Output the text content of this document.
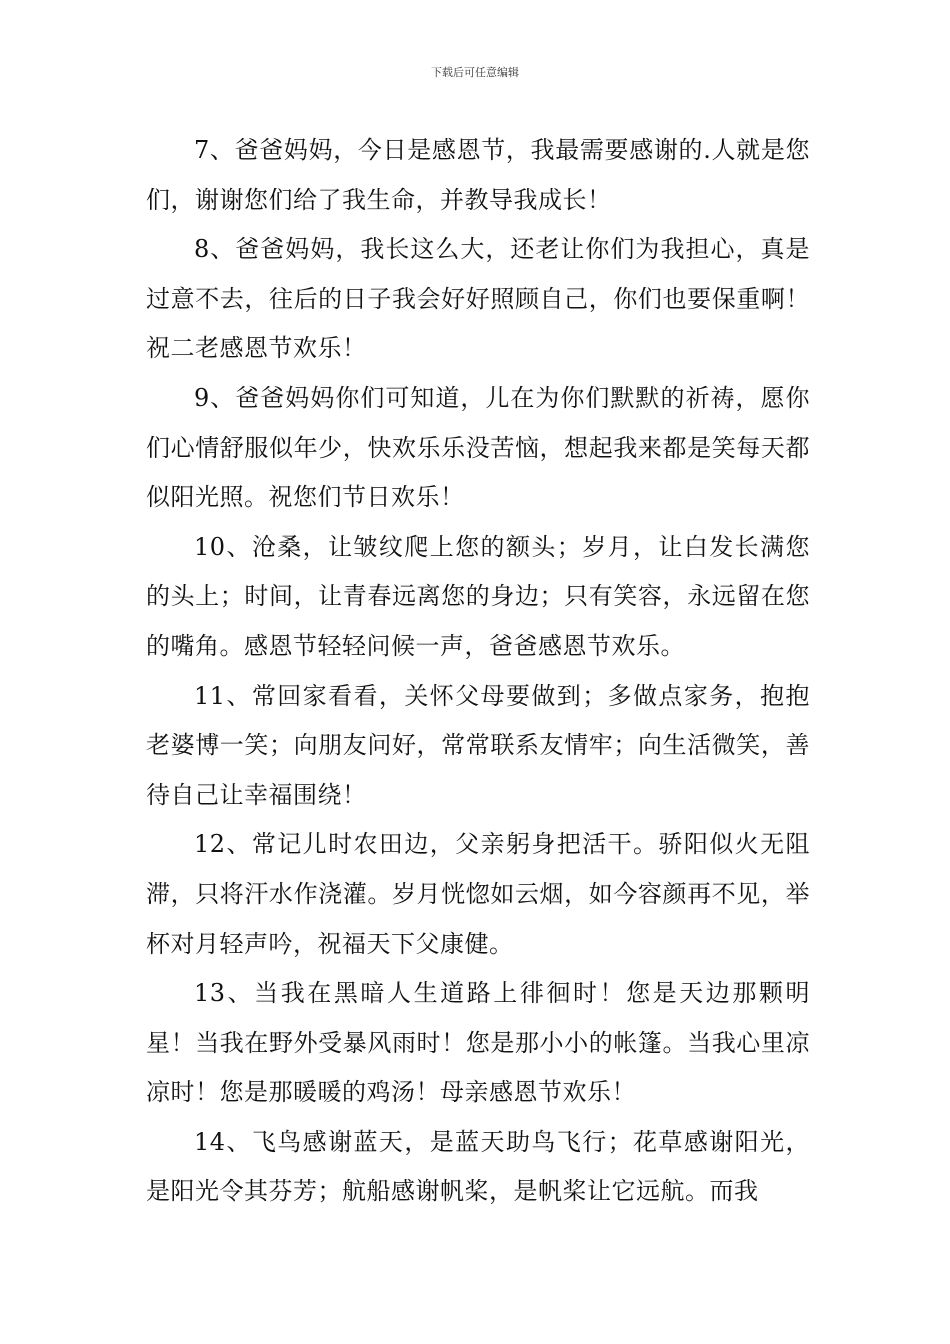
下载后可任意编辑

7、爸爸妈妈，今日是感恩节，我最需要感谢的.人就是您们，谢谢您们给了我生命，并教导我成长！

8、爸爸妈妈，我长这么大，还老让你们为我担心，真是过意不去，往后的日子我会好好照顾自己，你们也要保重啊！祝二老感恩节欢乐！

9、爸爸妈妈你们可知道，儿在为你们默默的祈祷，愿你们心情舒服似年少，快欢乐乐没苦恼，想起我来都是笑每天都似阳光照。祝您们节日欢乐！

10、沧桑，让皱纹爬上您的额头；岁月，让白发长满您的头上；时间，让青春远离您的身边；只有笑容，永远留在您的嘴角。感恩节轻轻问候一声，爸爸感恩节欢乐。

11、常回家看看，关怀父母要做到；多做点家务，抱抱老婆博一笑；向朋友问好，常常联系友情牢；向生活微笑，善待自己让幸福围绕！

12、常记儿时农田边，父亲躬身把活干。骄阳似火无阻滞，只将汗水作浇灌。岁月恍惚如云烟，如今容颜再不见，举杯对月轻声吟，祝福天下父康健。

13、当我在黑暗人生道路上徘徊时！您是天边那颗明星！当我在野外受暴风雨时！您是那小小的帐篷。当我心里凉凉时！您是那暖暖的鸡汤！母亲感恩节欢乐！

14、飞鸟感谢蓝天，是蓝天助鸟飞行；花草感谢阳光，是阳光令其芬芳；航船感谢帆桨，是帆桨让它远航。而我
